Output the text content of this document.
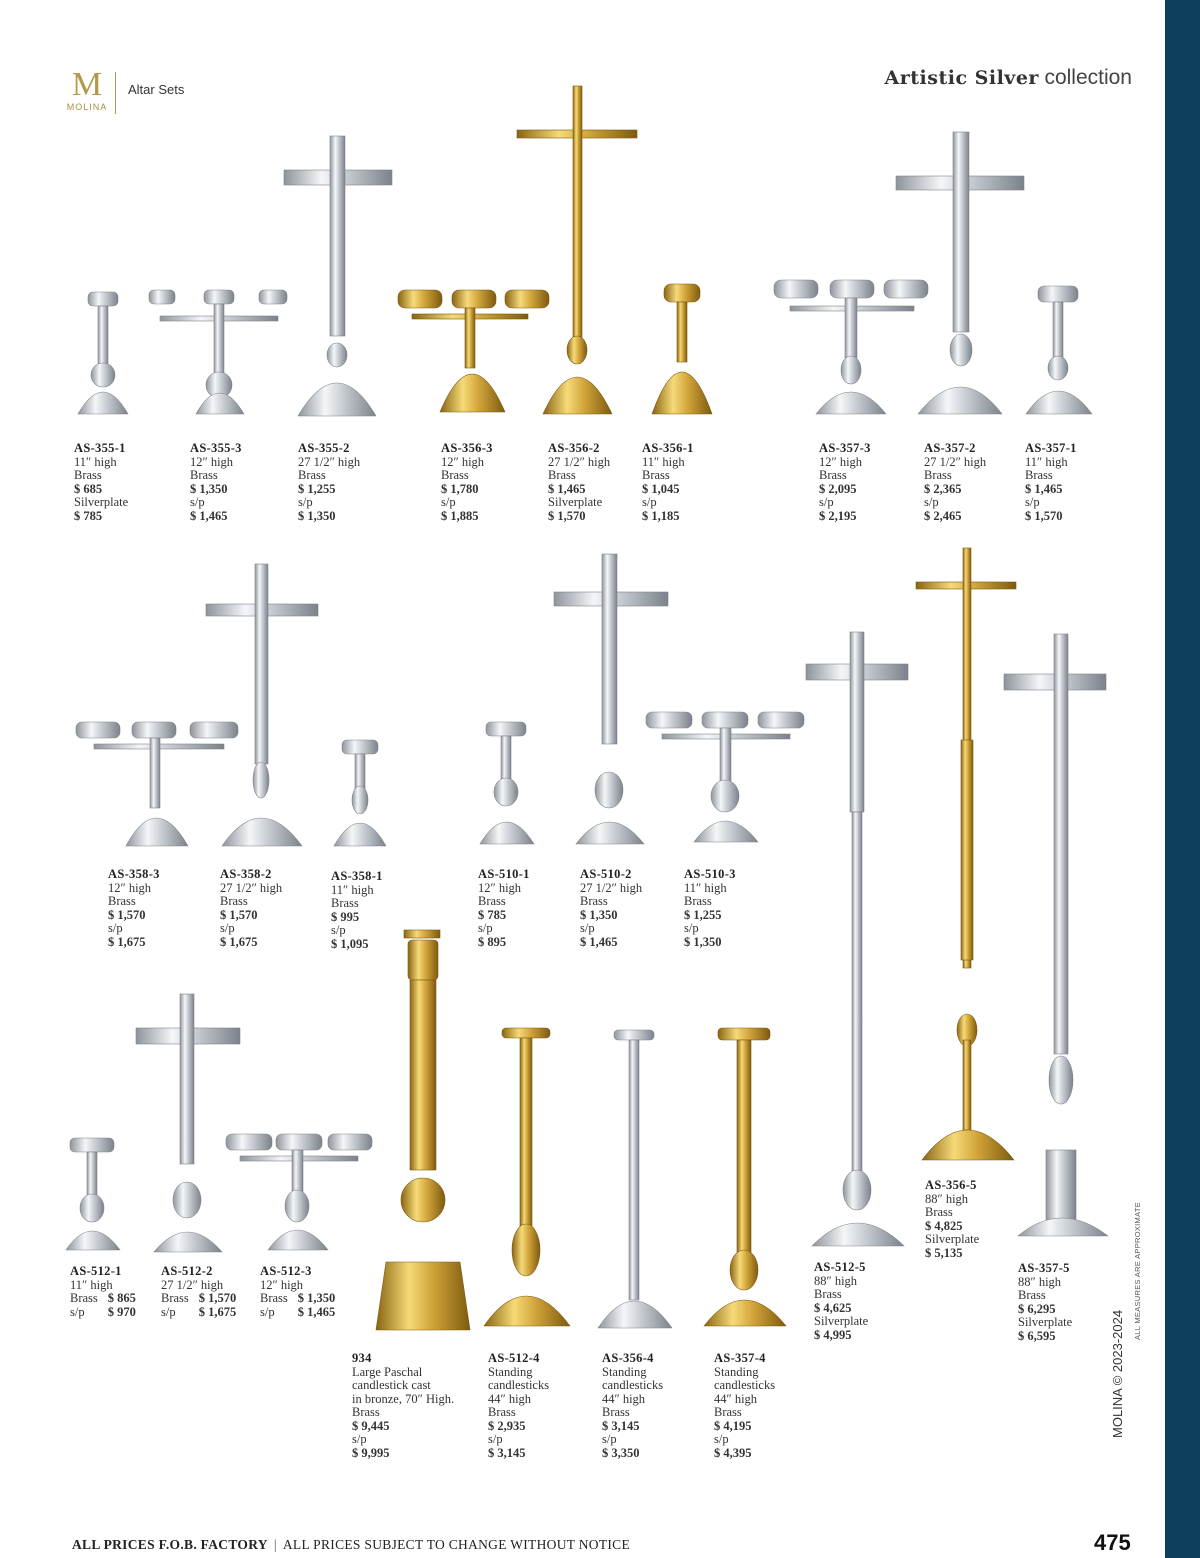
M
MOLINA
Altar Sets
Artistic Silver collection
AS-355-1
11″ high
Brass
$ 685
Silverplate
$ 785
AS-355-3
12″ high
Brass
$ 1,350
s/p
$ 1,465
AS-355-2
27 1/2″ high
Brass
$ 1,255
s/p
$ 1,350
AS-356-3
12″ high
Brass
$ 1,780
s/p
$ 1,885
AS-356-2
27 1/2″ high
Brass
$ 1,465
Silverplate
$ 1,570
AS-356-1
11″ high
Brass
$ 1,045
s/p
$ 1,185
AS-357-3
12″ high
Brass
$ 2,095
s/p
$ 2,195
AS-357-2
27 1/2″ high
Brass
$ 2,365
s/p
$ 2,465
AS-357-1
11″ high
Brass
$ 1,465
s/p
$ 1,570
AS-358-3
12″ high
Brass
$ 1,570
s/p
$ 1,675
AS-358-2
27 1/2″ high
Brass
$ 1,570
s/p
$ 1,675
AS-358-1
11″ high
Brass
$ 995
s/p
$ 1,095
AS-510-1
12″ high
Brass
$ 785
s/p
$ 895
AS-510-2
27 1/2″ high
Brass
$ 1,350
s/p
$ 1,465
AS-510-3
11″ high
Brass
$ 1,255
s/p
$ 1,350
AS-512-5
88″ high
Brass
$ 4,625
Silverplate
$ 4,995
AS-356-5
88″ high
Brass
$ 4,825
Silverplate
$ 5,135
AS-357-5
88″ high
Brass
$ 6,295
Silverplate
$ 6,595
AS-512-1
11″ high
Brass	$ 865
s/p	$ 970
AS-512-2
27 1/2″ high
Brass	$ 1,570
s/p	$ 1,675
AS-512-3
12″ high
Brass	$ 1,350
s/p	$ 1,465
934
Large Paschal
candlestick cast
in bronze, 70″ High.
Brass
$ 9,445
s/p
$ 9,995
AS-512-4
Standing
candlesticks
44″ high
Brass
$ 2,935
s/p
$ 3,145
AS-356-4
Standing
candlesticks
44″ high
Brass
$ 3,145
s/p
$ 3,350
AS-357-4
Standing
candlesticks
44″ high
Brass
$ 4,195
s/p
$ 4,395
MOLINA © 2023-2024
ALL MEASURES ARE APPROXIMATE
ALL PRICES F.O.B. FACTORY | ALL PRICES SUBJECT TO CHANGE WITHOUT NOTICE	475
